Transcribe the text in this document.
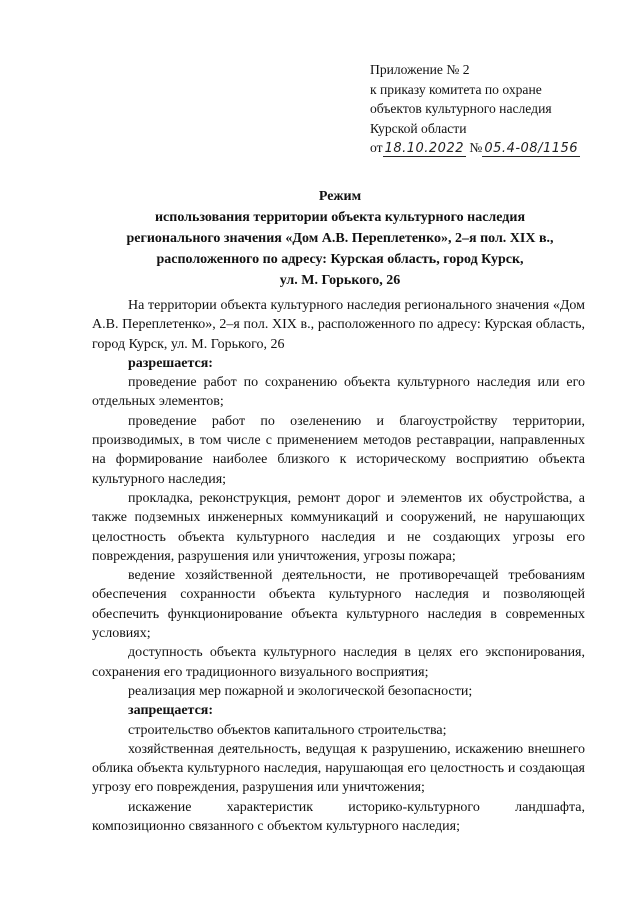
Приложение № 2
к приказу комитета по охране
объектов культурного наследия
Курской области
от 18.10.2022 № 05.4-08/1156
Режим
использования территории объекта культурного наследия
регионального значения «Дом А.В. Переплетенко», 2–я пол. XIX в.,
расположенного по адресу: Курская область, город Курск,
ул. М. Горького, 26

На территории объекта культурного наследия регионального значения «Дом А.В. Переплетенко», 2–я пол. XIX в., расположенного по адресу: Курская область, город Курск, ул. М. Горького, 26

разрешается:

проведение работ по сохранению объекта культурного наследия или его отдельных элементов;

проведение работ по озеленению и благоустройству территории, производимых, в том числе с применением методов реставрации, направленных на формирование наиболее близкого к историческому восприятию объекта культурного наследия;

прокладка, реконструкция, ремонт дорог и элементов их обустройства, а также подземных инженерных коммуникаций и сооружений, не нарушающих целостность объекта культурного наследия и не создающих угрозы его повреждения, разрушения или уничтожения, угрозы пожара;

ведение хозяйственной деятельности, не противоречащей требованиям обеспечения сохранности объекта культурного наследия и позволяющей обеспечить функционирование объекта культурного наследия в современных условиях;

доступность объекта культурного наследия в целях его экспонирования, сохранения его традиционного визуального восприятия;

реализация мер пожарной и экологической безопасности;

запрещается:

строительство объектов капитального строительства;

хозяйственная деятельность, ведущая к разрушению, искажению внешнего облика объекта культурного наследия, нарушающая его целостность и создающая угрозу его повреждения, разрушения или уничтожения;

искажение характеристик историко-культурного ландшафта, композиционно связанного с объектом культурного наследия;
